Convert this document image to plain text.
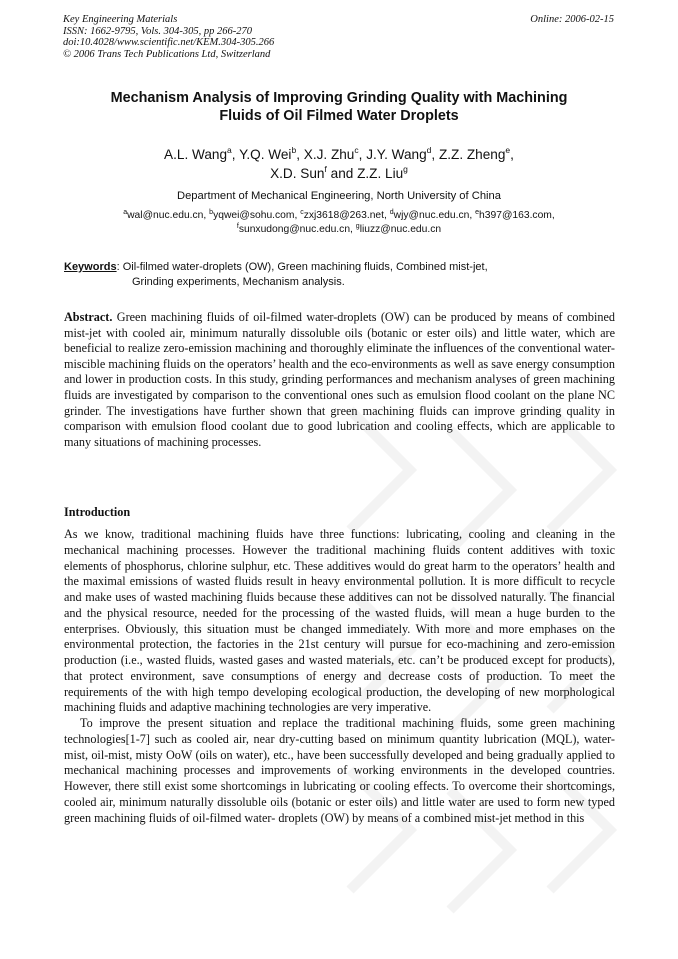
Key Engineering Materials
ISSN: 1662-9795, Vols. 304-305, pp 266-270
doi:10.4028/www.scientific.net/KEM.304-305.266
© 2006 Trans Tech Publications Ltd, Switzerland
Online: 2006-02-15
Mechanism Analysis of Improving Grinding Quality with Machining
Fluids of Oil Filmed Water Droplets
A.L. Wang$^a$, Y.Q. Wei$^b$, X.J. Zhu$^c$, J.Y. Wang$^d$, Z.Z. Zheng$^e$,
X.D. Sun$^f$ and Z.Z. Liu$^g$
Department of Mechanical Engineering, North University of China
$^a$wal@nuc.edu.cn, $^b$yqwei@sohu.com, $^c$zxj3618@263.net, $^d$wjy@nuc.edu.cn, $^e$h397@163.com,
$^f$sunxudong@nuc.edu.cn, $^g$liuzz@nuc.edu.cn
Keywords: Oil-filmed water-droplets (OW), Green machining fluids, Combined mist-jet,
Grinding experiments, Mechanism analysis.
Abstract. Green machining fluids of oil-filmed water-droplets (OW) can be produced by means of combined mist-jet with cooled air, minimum naturally dissoluble oils (botanic or ester oils) and little water, which are beneficial to realize zero-emission machining and thoroughly eliminate the influences of the conventional water-miscible machining fluids on the operators’ health and the eco-environments as well as save energy consumption and lower in production costs. In this study, grinding performances and mechanism analyses of green machining fluids are investigated by comparison to the conventional ones such as emulsion flood coolant on the plane NC grinder. The investigations have further shown that green machining fluids can improve grinding quality in comparison with emulsion flood coolant due to good lubrication and cooling effects, which are applicable to many situations of machining processes.
Introduction

As we know, traditional machining fluids have three functions: lubricating, cooling and cleaning in the mechanical machining processes. However the traditional machining fluids content additives with toxic elements of phosphorus, chlorine sulphur, etc. These additives would do great harm to the operators’ health and the maximal emissions of wasted fluids result in heavy environmental pollution. It is more difficult to recycle and make uses of wasted machining fluids because these additives can not be dissolved naturally. The financial and the physical resource, needed for the processing of the wasted fluids, will mean a huge burden to the enterprises. Obviously, this situation must be changed immediately. With more and more emphases on the environmental protection, the factories in the 21st century will pursue for eco-machining and zero-emission production (i.e., wasted fluids, wasted gases and wasted materials, etc. can’t be produced except for products), that protect environment, save consumptions of energy and decrease costs of production. To meet the requirements of the with high tempo developing ecological production, the developing of new morphological machining fluids and adaptive machining technologies are very imperative.

To improve the present situation and replace the traditional machining fluids, some green machining technologies[1-7] such as cooled air, near dry-cutting based on minimum quantity lubrication (MQL), water-mist, oil-mist, misty OoW (oils on water), etc., have been successfully developed and being gradually applied to mechanical machining processes and improvements of working environments in the developed countries. However, there still exist some shortcomings in lubricating or cooling effects. To overcome their shortcomings, cooled air, minimum naturally dissoluble oils (botanic or ester oils) and little water are used to form new typed green machining fluids of oil-filmed water- droplets (OW) by means of a combined mist-jet method in this
